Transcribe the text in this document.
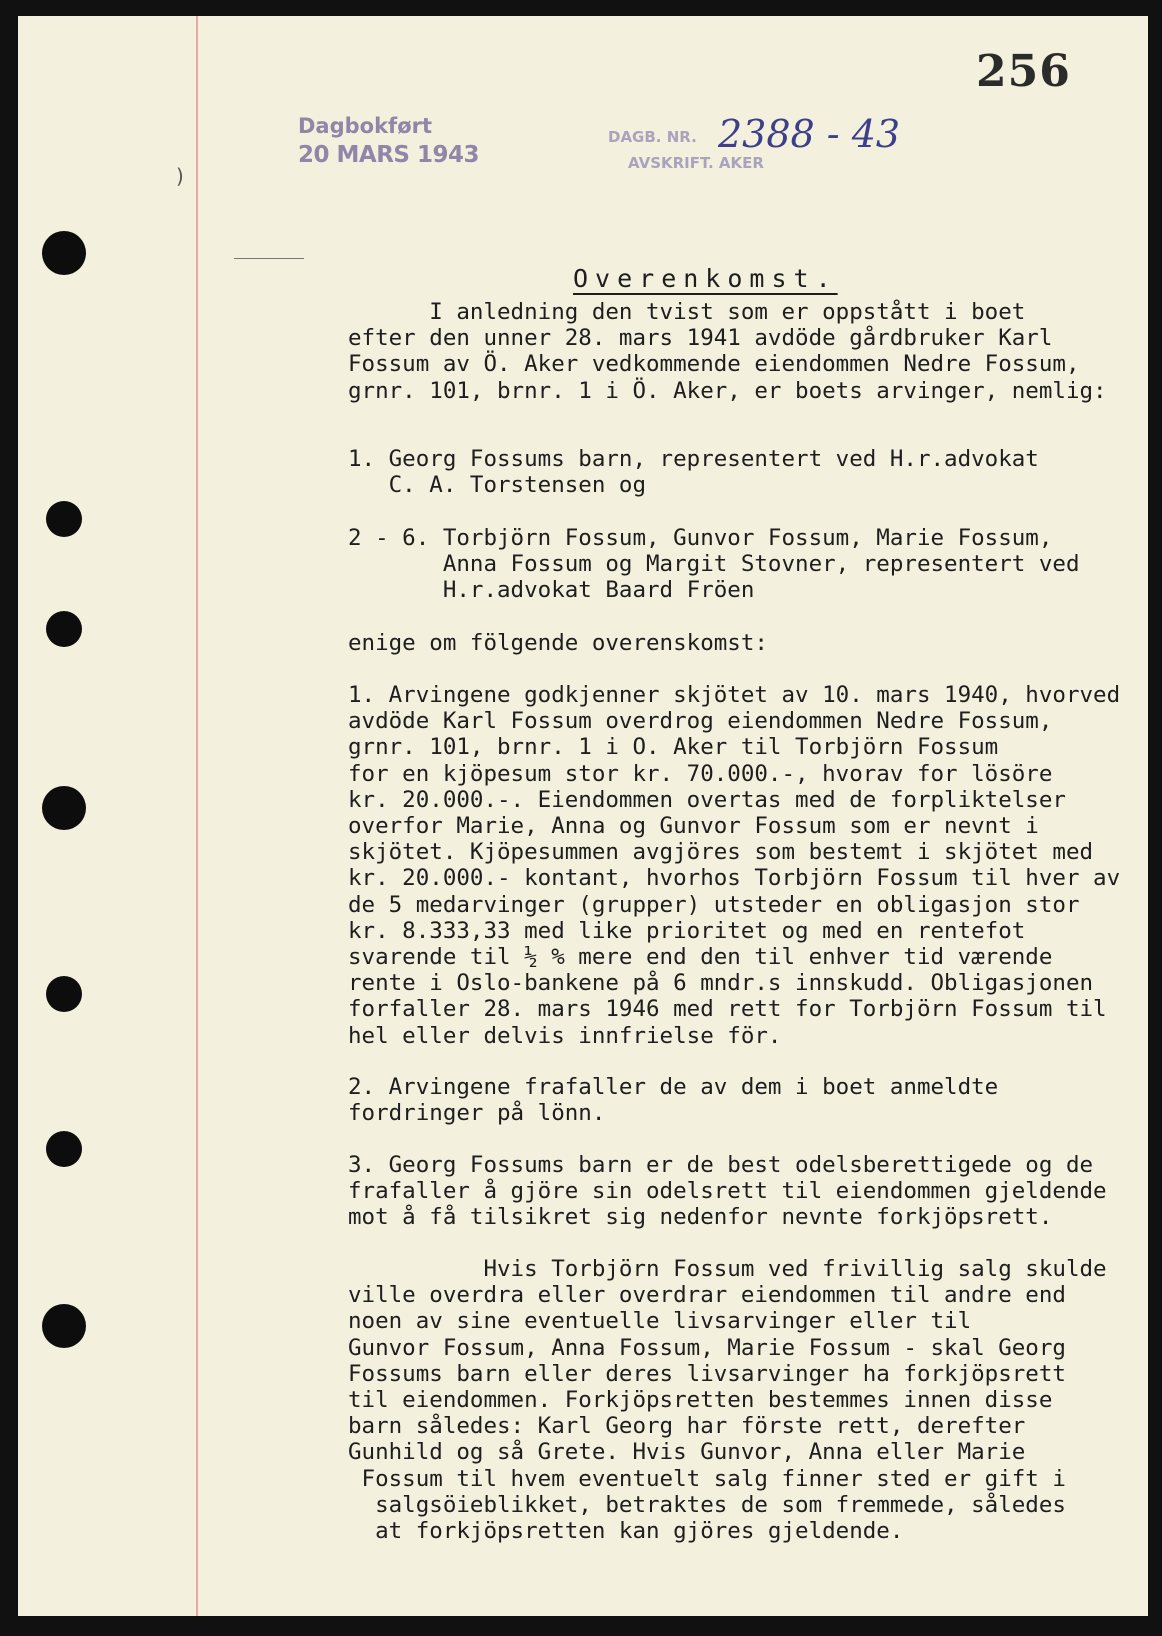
256
Dagbokført
20 MARS 1943
DAGB. NR.
AVSKRIFT. AKER
2388 - 43
)
Overenkomst.

I anledning den tvist som er oppstått i boet
efter den unner 28. mars 1941 avdöde gårdbruker Karl
Fossum av Ö. Aker vedkommende eiendommen Nedre Fossum,
grnr. 101, brnr. 1 i Ö. Aker, er boets arvinger, nemlig:

1. Georg Fossums barn, representert ved H.r.advokat
C. A. Torstensen og

2 - 6. Torbjörn Fossum, Gunvor Fossum, Marie Fossum,
Anna Fossum og Margit Stovner, representert ved
H.r.advokat Baard Fröen

enige om fölgende overenskomst:

1. Arvingene godkjenner skjötet av 10. mars 1940, hvorved
avdöde Karl Fossum overdrog eiendommen Nedre Fossum,
grnr. 101, brnr. 1 i O. Aker til Torbjörn Fossum
for en kjöpesum stor kr. 70.000.-, hvorav for lösöre
kr. 20.000.-. Eiendommen overtas med de forpliktelser
overfor Marie, Anna og Gunvor Fossum som er nevnt i
skjötet. Kjöpesummen avgjöres som bestemt i skjötet med
kr. 20.000.- kontant, hvorhos Torbjörn Fossum til hver av
de 5 medarvinger (grupper) utsteder en obligasjon stor
kr. 8.333,33 med like prioritet og med en rentefot
svarende til ½ % mere end den til enhver tid værende
rente i Oslo-bankene på 6 mndr.s innskudd. Obligasjonen
forfaller 28. mars 1946 med rett for Torbjörn Fossum til
hel eller delvis innfrielse för.

2. Arvingene frafaller de av dem i boet anmeldte
fordringer på lönn.

3. Georg Fossums barn er de best odelsberettigede og de
frafaller å gjöre sin odelsrett til eiendommen gjeldende
mot å få tilsikret sig nedenfor nevnte forkjöpsrett.

Hvis Torbjörn Fossum ved frivillig salg skulde
ville overdra eller overdrar eiendommen til andre end
noen av sine eventuelle livsarvinger eller til
Gunvor Fossum, Anna Fossum, Marie Fossum - skal Georg
Fossums barn eller deres livsarvinger ha forkjöpsrett
til eiendommen. Forkjöpsretten bestemmes innen disse
barn således: Karl Georg har förste rett, derefter
Gunhild og så Grete. Hvis Gunvor, Anna eller Marie
Fossum til hvem eventuelt salg finner sted er gift i
salgsöieblikket, betraktes de som fremmede, således
at forkjöpsretten kan gjöres gjeldende.
